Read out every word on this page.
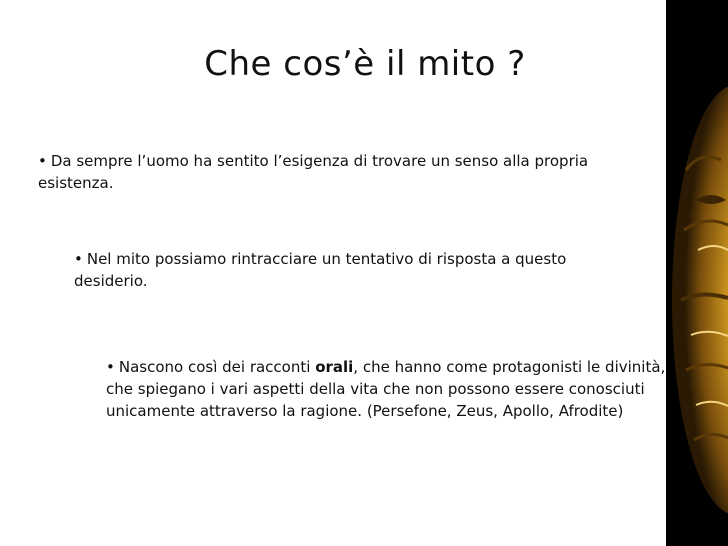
Che cos’è il mito ?
• Da sempre l’uomo ha sentito l’esigenza di trovare un senso alla propria esistenza.
• Nel mito possiamo rintracciare un tentativo di risposta a questo desiderio.
• Nascono così dei racconti orali, che hanno come protagonisti le divinità, che spiegano i vari aspetti della vita che non possono essere conosciuti unicamente attraverso la ragione. (Persefone, Zeus, Apollo, Afrodite)
